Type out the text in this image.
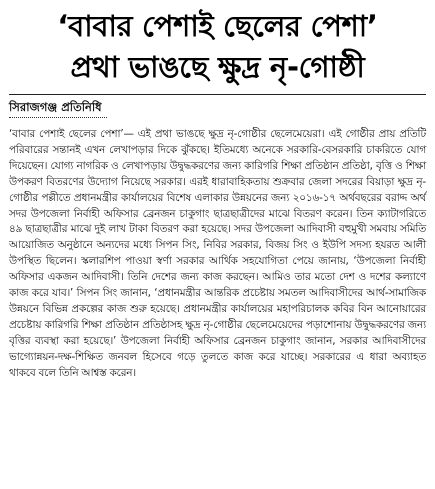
‘বাবার পেশাই ছেলের পেশা’
প্রথা ভাঙছে ক্ষুদ্র নৃ-গোষ্ঠী

সিরাজগঞ্জ প্রতিনিধি

‘বাবার পেশাই ছেলের পেশা’— এই প্রথা ভাঙছে ক্ষুদ্র নৃ-গোষ্ঠীর ছেলেমেয়েরা। এই গোষ্ঠীর প্রায় প্রতিটি পরিবারের সন্তানই এখন লেখাপড়ার দিকে ঝুঁকছে। ইতিমধ্যে অনেকে সরকারি-বেসরকারি চাকরিতে যোগ দিয়েছেন। যোগ্য নাগরিক ও লেখাপড়ায় উদ্বুদ্ধকরণের জন্য কারিগরি শিক্ষা প্রতিষ্ঠান প্রতিষ্ঠা, বৃত্তি ও শিক্ষা উপকরণ বিতরণের উদ্যোগ নিয়েছে সরকার। এরই ধারাবাহিকতায় শুক্রবার জেলা সদরের বিয়াড়া ক্ষুদ্র নৃ-গোষ্ঠীর পল্লীতে প্রধানমন্ত্রীর কার্যালয়ের বিশেষ এলাকার উন্নয়নের জন্য ২০১৬-১৭ অর্থবছরের বরাদ্দ অর্থ সদর উপজেলা নির্বাহী অফিসার ব্রেনজন চাকুগাং ছাত্রছাত্রীদের মাঝে বিতরণ করেন। তিন ক্যাটাগরিতে ৪৯ ছাত্রছাত্রীর মাঝে দুই লাখ টাকা বিতরণ করা হয়েছে। সদর উপজেলা আদিবাসী বহুমুখী সমবায় সমিতি আয়োজিত অনুষ্ঠানে অন্যদের মধ্যে সিপন সিং, নিবির সরকার, বিজয় সিং ও ইউপি সদস্য হযরত আলী উপস্থিত ছিলেন। স্কলারশিপ পাওয়া স্বর্ণা সরকার আর্থিক সহযোগিতা পেয়ে জানায়, ‘উপজেলা নির্বাহী অফিসার একজন আদিবাসী। তিনি দেশের জন্য কাজ করছেন। আমিও তার মতো দেশ ও দশের কল্যাণে কাজ করে যাব।’ সিপন সিং জানান, ‘প্রধানমন্ত্রীর আন্তরিক প্রচেষ্টায় সমতল আদিবাসীদের আর্থ-সামাজিক উন্নয়নে বিভিন্ন প্রকল্পের কাজ শুরু হয়েছে। প্রধানমন্ত্রীর কার্যালয়ের মহাপরিচালক কবির বিন আনোয়ারের প্রচেষ্টায় কারিগরি শিক্ষা প্রতিষ্ঠান প্রতিষ্ঠাসহ ক্ষুদ্র নৃ-গোষ্ঠীর ছেলেমেয়েদের পড়াশোনায় উদ্বুদ্ধকরণের জন্য বৃত্তির ব্যবস্থা করা হয়েছে।’ উপজেলা নির্বাহী অফিসার ব্রেনজন চাকুগাং জানান, সরকার আদিবাসীদের ভাগ্যোন্নয়ন-দক্ষ-শিক্ষিত জনবল হিসেবে গড়ে তুলতে কাজ করে যাচ্ছে। সরকারের এ ধারা অব্যাহত থাকবে বলে তিনি আশ্বস্ত করেন।
